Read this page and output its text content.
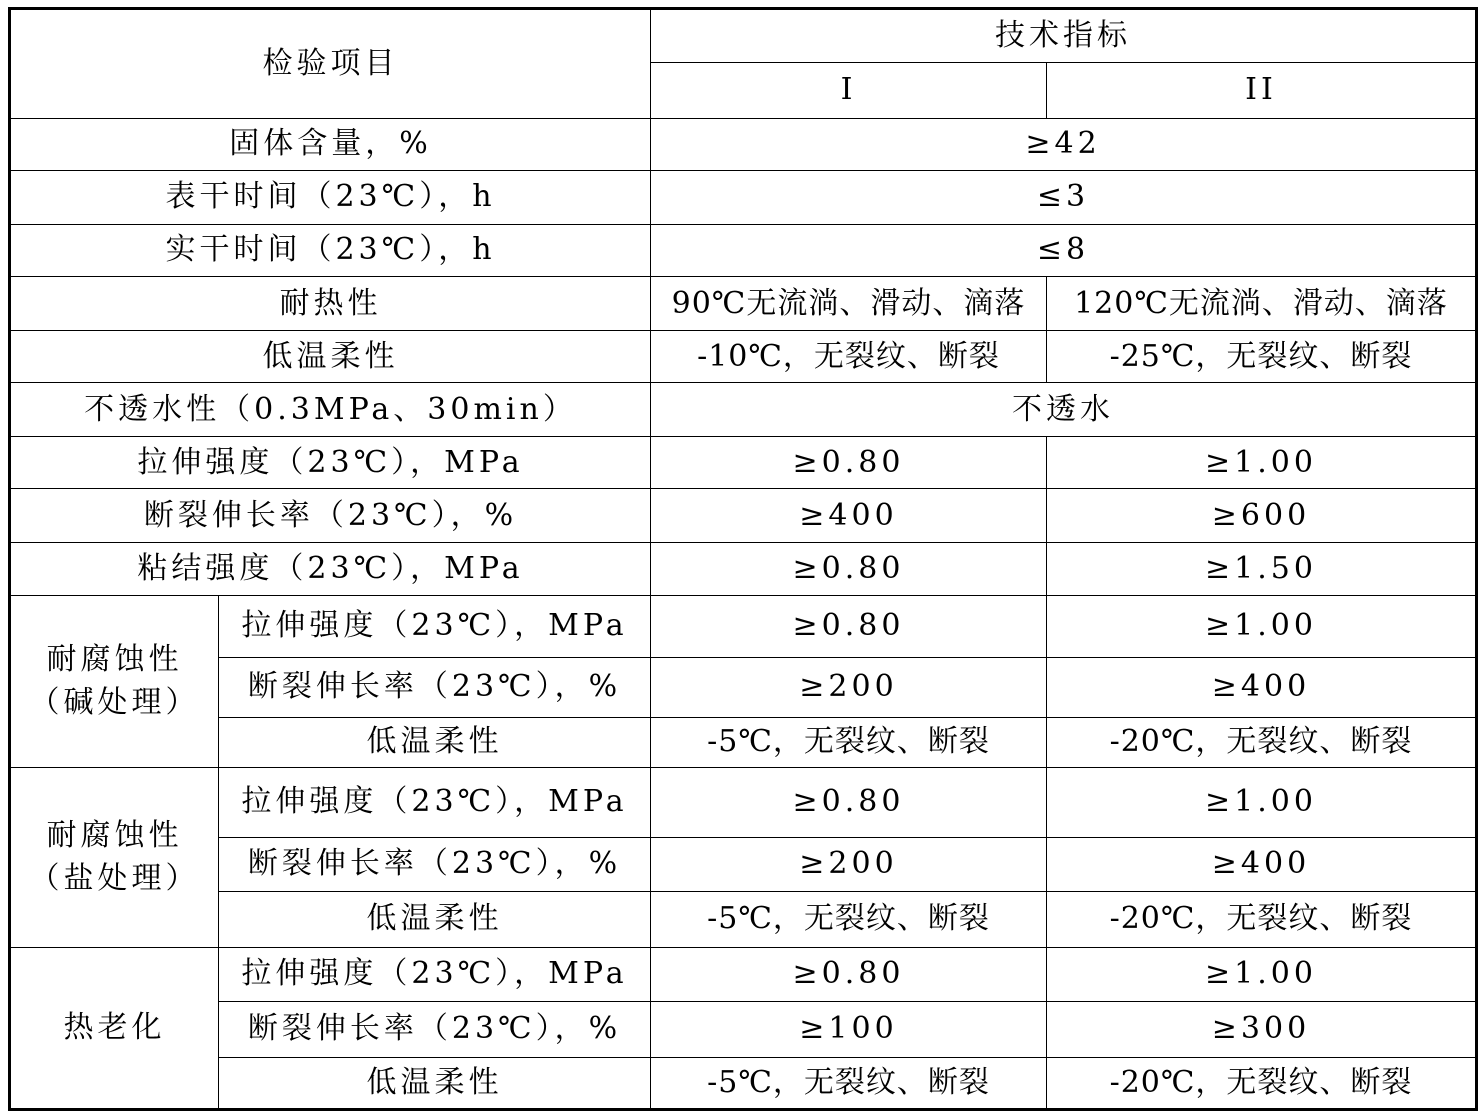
检验项目		技术指标	
		I	II
固体含量，%		≥42	
表干时间（23℃），h		≤3	
实干时间（23℃），h		≤8	
耐热性		90℃无流淌、滑动、滴落	120℃无流淌、滑动、滴落
低温柔性		-10℃，无裂纹、断裂	-25℃，无裂纹、断裂
不透水性（0.3MPa、30min）		不透水	
拉伸强度（23℃），MPa		≥0.80	≥1.00
断裂伸长率（23℃），%		≥400	≥600
粘结强度（23℃），MPa		≥0.80	≥1.50
耐腐蚀性（碱处理）	拉伸强度（23℃），MPa	≥0.80	≥1.00
	断裂伸长率（23℃），%	≥200	≥400
	低温柔性	-5℃，无裂纹、断裂	-20℃，无裂纹、断裂
耐腐蚀性（盐处理）	拉伸强度（23℃），MPa	≥0.80	≥1.00
	断裂伸长率（23℃），%	≥200	≥400
	低温柔性	-5℃，无裂纹、断裂	-20℃，无裂纹、断裂
热老化	拉伸强度（23℃），MPa	≥0.80	≥1.00
	断裂伸长率（23℃），%	≥100	≥300
	低温柔性	-5℃，无裂纹、断裂	-20℃，无裂纹、断裂
